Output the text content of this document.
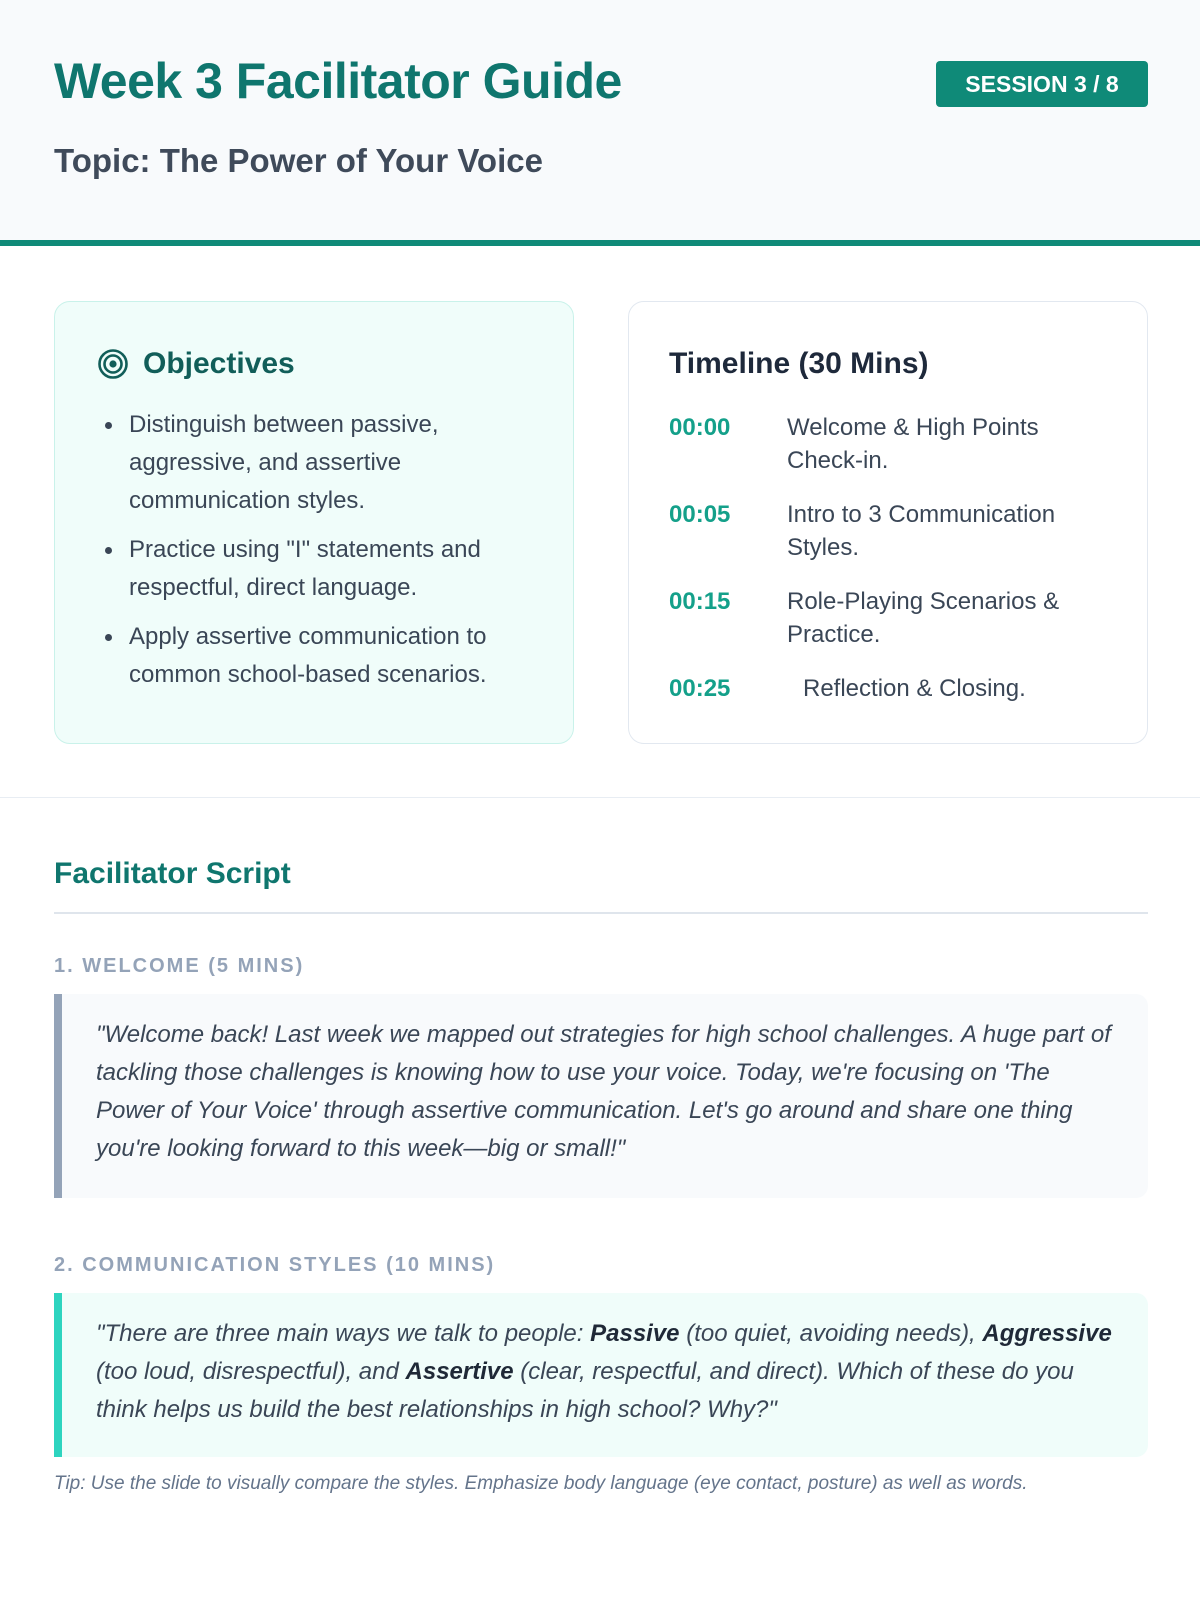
Week 3 Facilitator Guide	SESSION 3 / 8
Topic: The Power of Your Voice
Objectives
Distinguish between passive, aggressive, and assertive communication styles.
Practice using "I" statements and respectful, direct language.
Apply assertive communication to common school-based scenarios.
Timeline (30 Mins)
00:00	Welcome & High Points Check-in.
00:05	Intro to 3 Communication Styles.
00:15	Role-Playing Scenarios & Practice.
00:25	Reflection & Closing.
Facilitator Script
1. WELCOME (5 MINS)
"Welcome back! Last week we mapped out strategies for high school challenges. A huge part of tackling those challenges is knowing how to use your voice. Today, we're focusing on 'The Power of Your Voice' through assertive communication. Let's go around and share one thing you're looking forward to this week—big or small!"
2. COMMUNICATION STYLES (10 MINS)
"There are three main ways we talk to people: Passive (too quiet, avoiding needs), Aggressive (too loud, disrespectful), and Assertive (clear, respectful, and direct). Which of these do you think helps us build the best relationships in high school? Why?"
Tip: Use the slide to visually compare the styles. Emphasize body language (eye contact, posture) as well as words.
